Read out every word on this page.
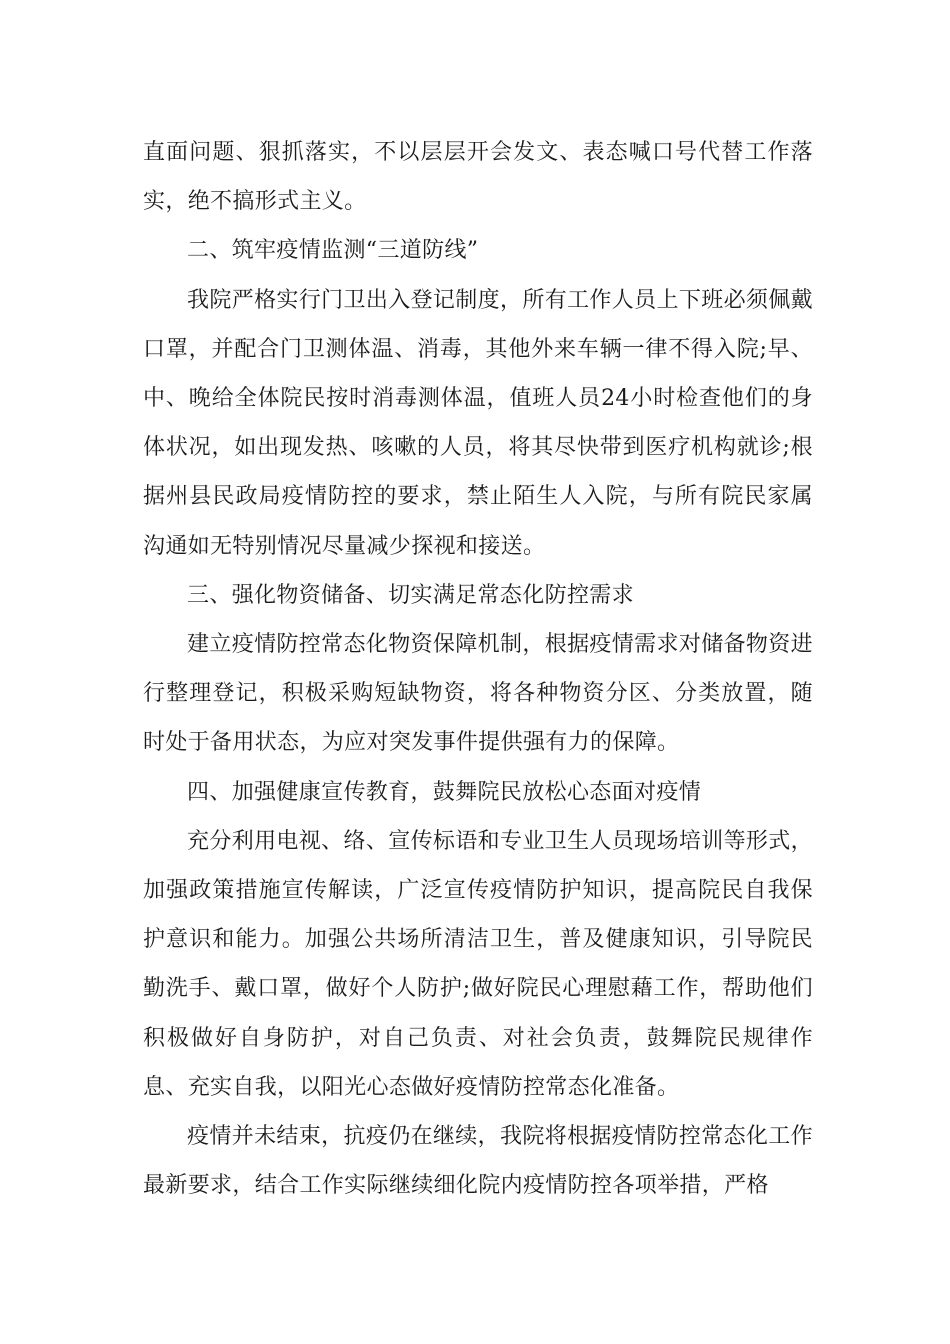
直面问题、狠抓落实，不以层层开会发文、表态喊口号代替工作落实，绝不搞形式主义。

二、筑牢疫情监测“三道防线”

我院严格实行门卫出入登记制度，所有工作人员上下班必须佩戴口罩，并配合门卫测体温、消毒，其他外来车辆一律不得入院;早、中、晚给全体院民按时消毒测体温，值班人员24小时检查他们的身体状况，如出现发热、咳嗽的人员，将其尽快带到医疗机构就诊;根据州县民政局疫情防控的要求，禁止陌生人入院，与所有院民家属沟通如无特别情况尽量减少探视和接送。

三、强化物资储备、切实满足常态化防控需求

建立疫情防控常态化物资保障机制，根据疫情需求对储备物资进行整理登记，积极采购短缺物资，将各种物资分区、分类放置，随时处于备用状态，为应对突发事件提供强有力的保障。

四、加强健康宣传教育，鼓舞院民放松心态面对疫情

充分利用电视、络、宣传标语和专业卫生人员现场培训等形式，加强政策措施宣传解读，广泛宣传疫情防护知识，提高院民自我保护意识和能力。加强公共场所清洁卫生，普及健康知识，引导院民勤洗手、戴口罩，做好个人防护;做好院民心理慰藉工作，帮助他们积极做好自身防护，对自己负责、对社会负责，鼓舞院民规律作息、充实自我，以阳光心态做好疫情防控常态化准备。

疫情并未结束，抗疫仍在继续，我院将根据疫情防控常态化工作最新要求，结合工作实际继续细化院内疫情防控各项举措，严格
